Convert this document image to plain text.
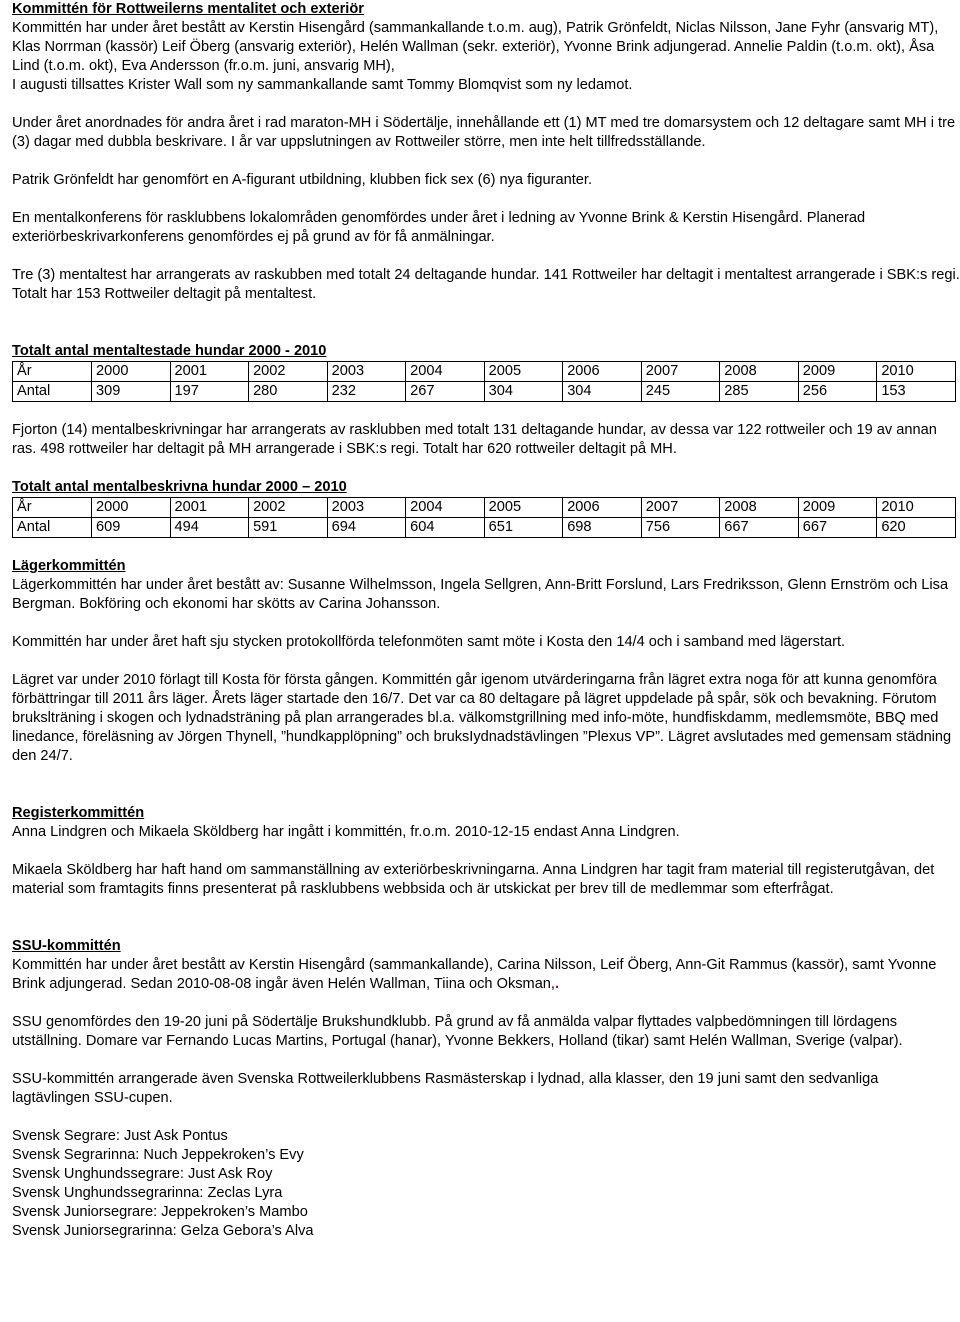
Kommittén för Rottweilerns mentalitet och exteriör

Kommittén har under året bestått av Kerstin Hisengård (sammankallande t.o.m. aug), Patrik Grönfeldt, Niclas Nilsson, Jane Fyhr (ansvarig MT), Klas Norrman (kassör) Leif Öberg (ansvarig exteriör), Helén Wallman (sekr. exteriör), Yvonne Brink adjungerad. Annelie Paldin (t.o.m. okt), Åsa Lind (t.o.m. okt), Eva Andersson (fr.o.m. juni, ansvarig MH),

I augusti tillsattes Krister Wall som ny sammankallande samt Tommy Blomqvist som ny ledamot.

Under året anordnades för andra året i rad maraton-MH i Södertälje, innehållande ett (1) MT med tre domarsystem och 12 deltagare samt MH i tre (3) dagar med dubbla beskrivare. I år var uppslutningen av Rottweiler större, men inte helt tillfredsställande.

Patrik Grönfeldt har genomfört en A-figurant utbildning, klubben fick sex (6) nya figuranter.

En mentalkonferens för rasklubbens lokalområden genomfördes under året i ledning av Yvonne Brink & Kerstin Hisengård. Planerad exteriörbeskrivarkonferens genomfördes ej på grund av för få anmälningar.

Tre (3) mentaltest har arrangerats av raskubben med totalt 24 deltagande hundar. 141 Rottweiler har deltagit i mentaltest arrangerade i SBK:s regi. Totalt har 153 Rottweiler deltagit på mentaltest.

Totalt antal mentaltestade hundar 2000 - 2010
År	2000	2001	2002	2003	2004	2005	2006	2007	2008	2009	2010
Antal	309	197	280	232	267	304	304	245	285	256	153

Fjorton (14) mentalbeskrivningar har arrangerats av rasklubben med totalt 131 deltagande hundar, av dessa var 122 rottweiler och 19 av annan ras. 498 rottweiler har deltagit på MH arrangerade i SBK:s regi. Totalt har 620 rottweiler deltagit på MH.

Totalt antal mentalbeskrivna hundar 2000 – 2010
År	2000	2001	2002	2003	2004	2005	2006	2007	2008	2009	2010
Antal	609	494	591	694	604	651	698	756	667	667	620
Lägerkommittén

Lägerkommittén har under året bestått av: Susanne Wilhelmsson, Ingela Sellgren, Ann-Britt Forslund, Lars Fredriksson, Glenn Ernström och Lisa Bergman. Bokföring och ekonomi har skötts av Carina Johansson.

Kommittén har under året haft sju stycken protokollförda telefonmöten samt möte i Kosta den 14/4 och i samband med lägerstart.

Lägret var under 2010 förlagt till Kosta för första gången. Kommittén går igenom utvärderingarna från lägret extra noga för att kunna genomföra förbättringar till 2011 års läger. Årets läger startade den 16/7. Det var ca 80 deltagare på lägret uppdelade på spår, sök och bevakning. Förutom brukslträning i skogen och lydnadsträning på plan arrangerades bl.a. välkomstgrillning med info-möte, hundfiskdamm, medlemsmöte, BBQ med linedance, föreläsning av Jörgen Thynell, ”hundkapplöpning” och bruksIydnadstävlingen ”Plexus VP”. Lägret avslutades med gemensam städning den 24/7.

Registerkommittén

Anna Lindgren och Mikaela Sköldberg har ingått i kommittén, fr.o.m. 2010-12-15 endast Anna Lindgren.

Mikaela Sköldberg har haft hand om sammanställning av exteriörbeskrivningarna. Anna Lindgren har tagit fram material till registerutgåvan, det material som framtagits finns presenterat på rasklubbens webbsida och är utskickat per brev till de medlemmar som efterfrågat.

SSU-kommittén

Kommittén har under året bestått av Kerstin Hisengård (sammankallande), Carina Nilsson, Leif Öberg, Ann-Git Rammus (kassör), samt Yvonne Brink adjungerad. Sedan 2010-08-08 ingår även Helén Wallman, Tiina och Oksman,.

SSU genomfördes den 19-20 juni på Södertälje Brukshundklubb. På grund av få anmälda valpar flyttades valpbedömningen till lördagens utställning. Domare var Fernando Lucas Martins, Portugal (hanar), Yvonne Bekkers, Holland (tikar) samt Helén Wallman, Sverige (valpar).

SSU-kommittén arrangerade även Svenska Rottweilerklubbens Rasmästerskap i lydnad, alla klasser, den 19 juni samt den sedvanliga lagtävlingen SSU-cupen.

Svensk Segrare: Just Ask Pontus
Svensk Segrarinna: Nuch Jeppekroken’s Evy
Svensk Unghundssegrare: Just Ask Roy
Svensk Unghundssegrarinna: Zeclas Lyra
Svensk Juniorsegrare: Jeppekroken’s Mambo
Svensk Juniorsegrarinna: Gelza Gebora’s Alva
